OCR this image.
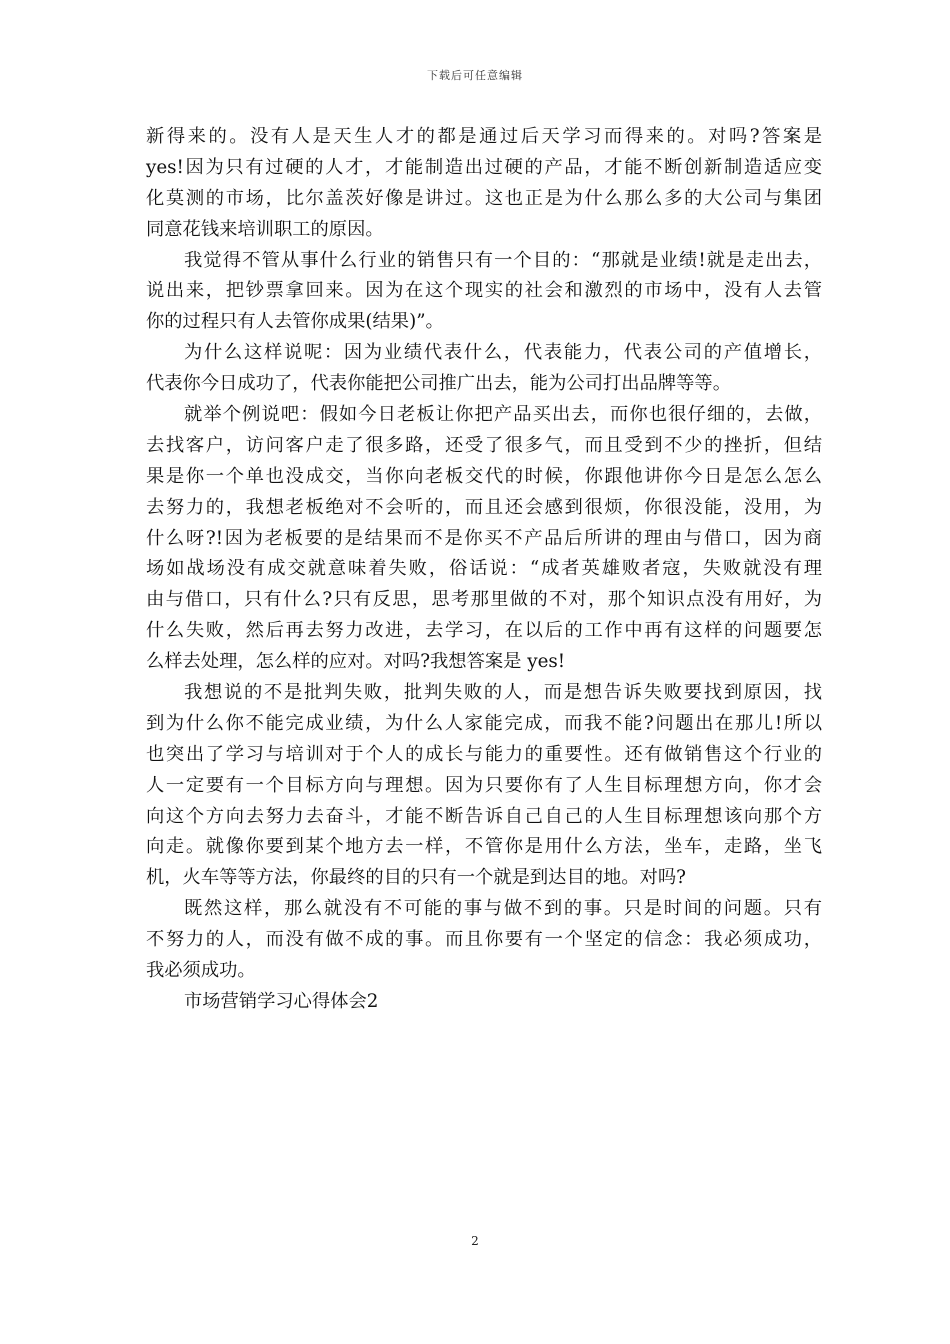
下载后可任意编辑
新得来的。没有人是天生人才的都是通过后天学习而得来的。对吗?答案是
yes!因为只有过硬的人才，才能制造出过硬的产品，才能不断创新制造适应变
化莫测的市场，比尔盖茨好像是讲过。这也正是为什么那么多的大公司与集团
同意花钱来培训职工的原因。
我觉得不管从事什么行业的销售只有一个目的：“那就是业绩!就是走出去，
说出来，把钞票拿回来。因为在这个现实的社会和激烈的市场中，没有人去管
你的过程只有人去管你成果(结果)”。
为什么这样说呢：因为业绩代表什么，代表能力，代表公司的产值增长，
代表你今日成功了，代表你能把公司推广出去，能为公司打出品牌等等。
就举个例说吧：假如今日老板让你把产品买出去，而你也很仔细的，去做，
去找客户，访问客户走了很多路，还受了很多气，而且受到不少的挫折，但结
果是你一个单也没成交，当你向老板交代的时候，你跟他讲你今日是怎么怎么
去努力的，我想老板绝对不会听的，而且还会感到很烦，你很没能，没用，为
什么呀?!因为老板要的是结果而不是你买不产品后所讲的理由与借口，因为商
场如战场没有成交就意味着失败，俗话说：“成者英雄败者寇，失败就没有理
由与借口，只有什么?只有反思，思考那里做的不对，那个知识点没有用好，为
什么失败，然后再去努力改进，去学习，在以后的工作中再有这样的问题要怎
么样去处理，怎么样的应对。对吗?我想答案是 yes!
我想说的不是批判失败，批判失败的人，而是想告诉失败要找到原因，找
到为什么你不能完成业绩，为什么人家能完成，而我不能?问题出在那儿!所以
也突出了学习与培训对于个人的成长与能力的重要性。还有做销售这个行业的
人一定要有一个目标方向与理想。因为只要你有了人生目标理想方向，你才会
向这个方向去努力去奋斗，才能不断告诉自己自己的人生目标理想该向那个方
向走。就像你要到某个地方去一样，不管你是用什么方法，坐车，走路，坐飞
机，火车等等方法，你最终的目的只有一个就是到达目的地。对吗?
既然这样，那么就没有不可能的事与做不到的事。只是时间的问题。只有
不努力的人，而没有做不成的事。而且你要有一个坚定的信念：我必须成功，
我必须成功。
市场营销学习心得体会2
2
